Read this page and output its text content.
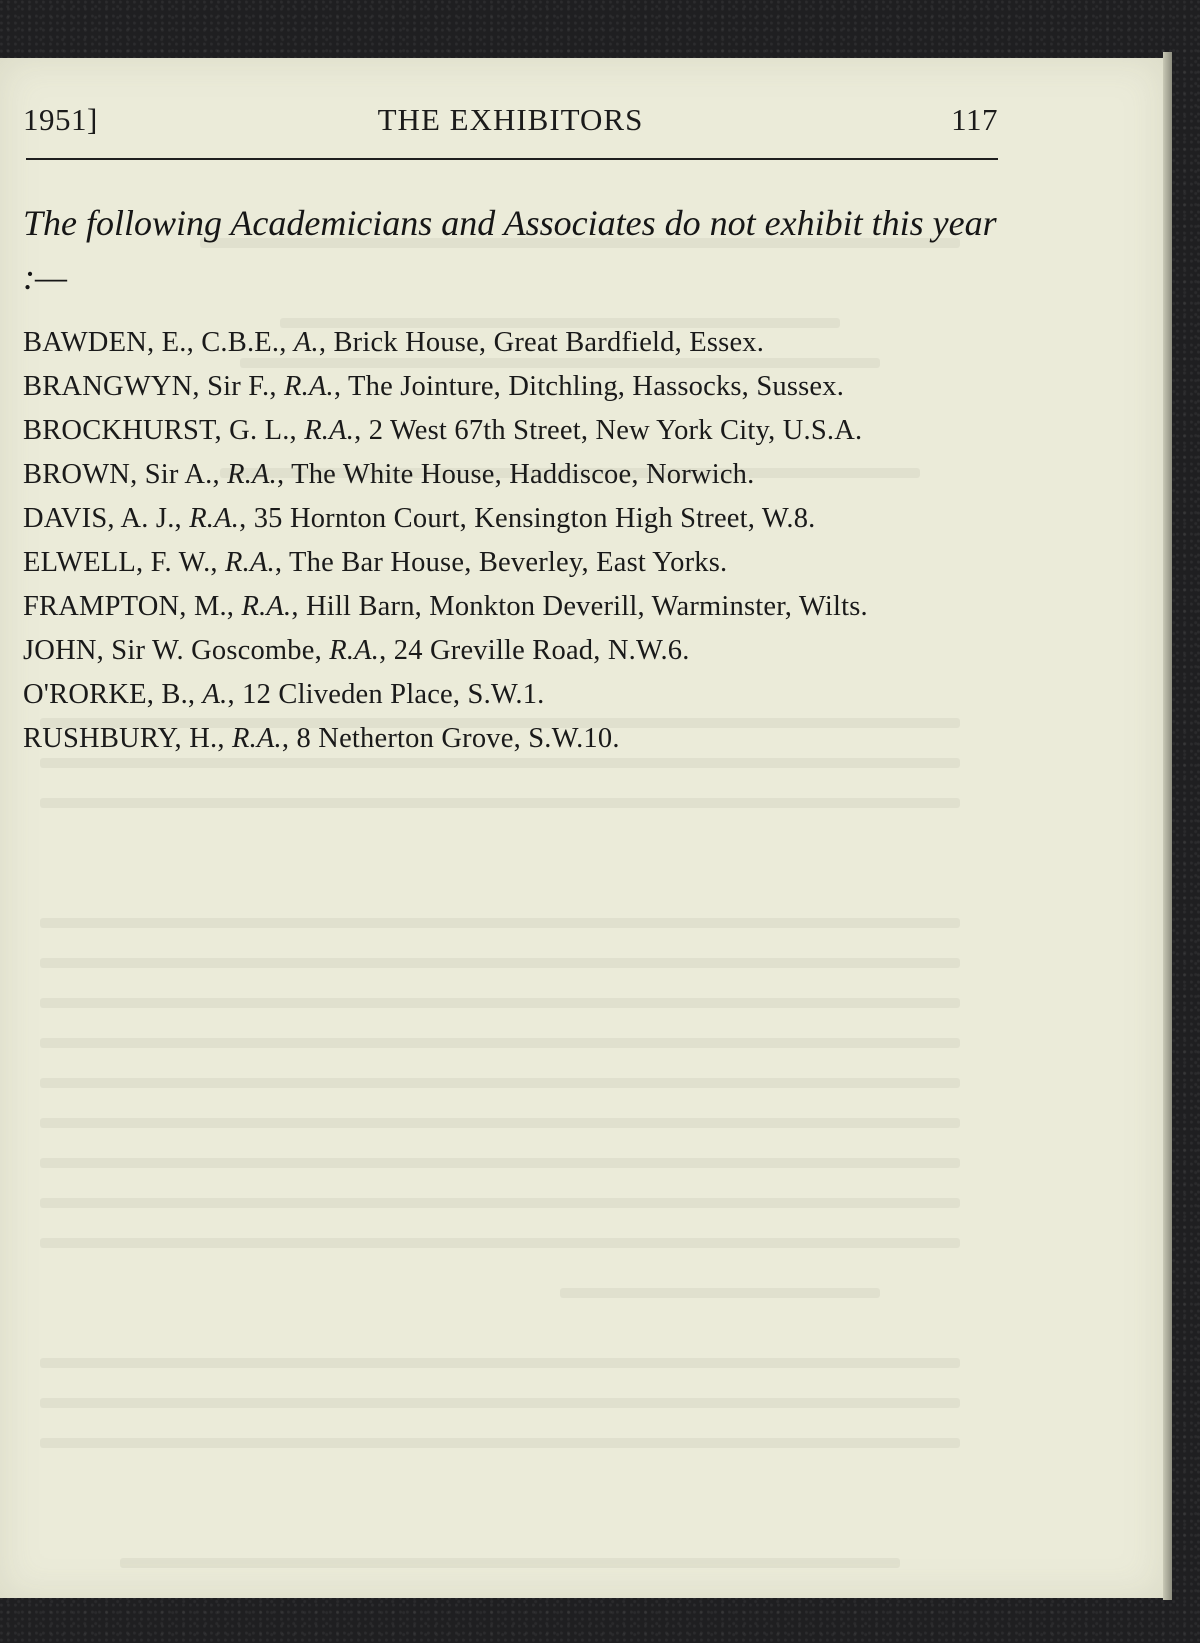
1951]	THE EXHIBITORS	117
The following Academicians and Associates do not exhibit this year :—
BAWDEN, E., C.B.E., A., Brick House, Great Bardfield, Essex.
BRANGWYN, Sir F., R.A., The Jointure, Ditchling, Hassocks, Sussex.
BROCKHURST, G. L., R.A., 2 West 67th Street, New York City, U.S.A.
BROWN, Sir A., R.A., The White House, Haddiscoe, Norwich.
DAVIS, A. J., R.A., 35 Hornton Court, Kensington High Street, W.8.
ELWELL, F. W., R.A., The Bar House, Beverley, East Yorks.
FRAMPTON, M., R.A., Hill Barn, Monkton Deverill, Warminster, Wilts.
JOHN, Sir W. Goscombe, R.A., 24 Greville Road, N.W.6.
O'RORKE, B., A., 12 Cliveden Place, S.W.1.
RUSHBURY, H., R.A., 8 Netherton Grove, S.W.10.
